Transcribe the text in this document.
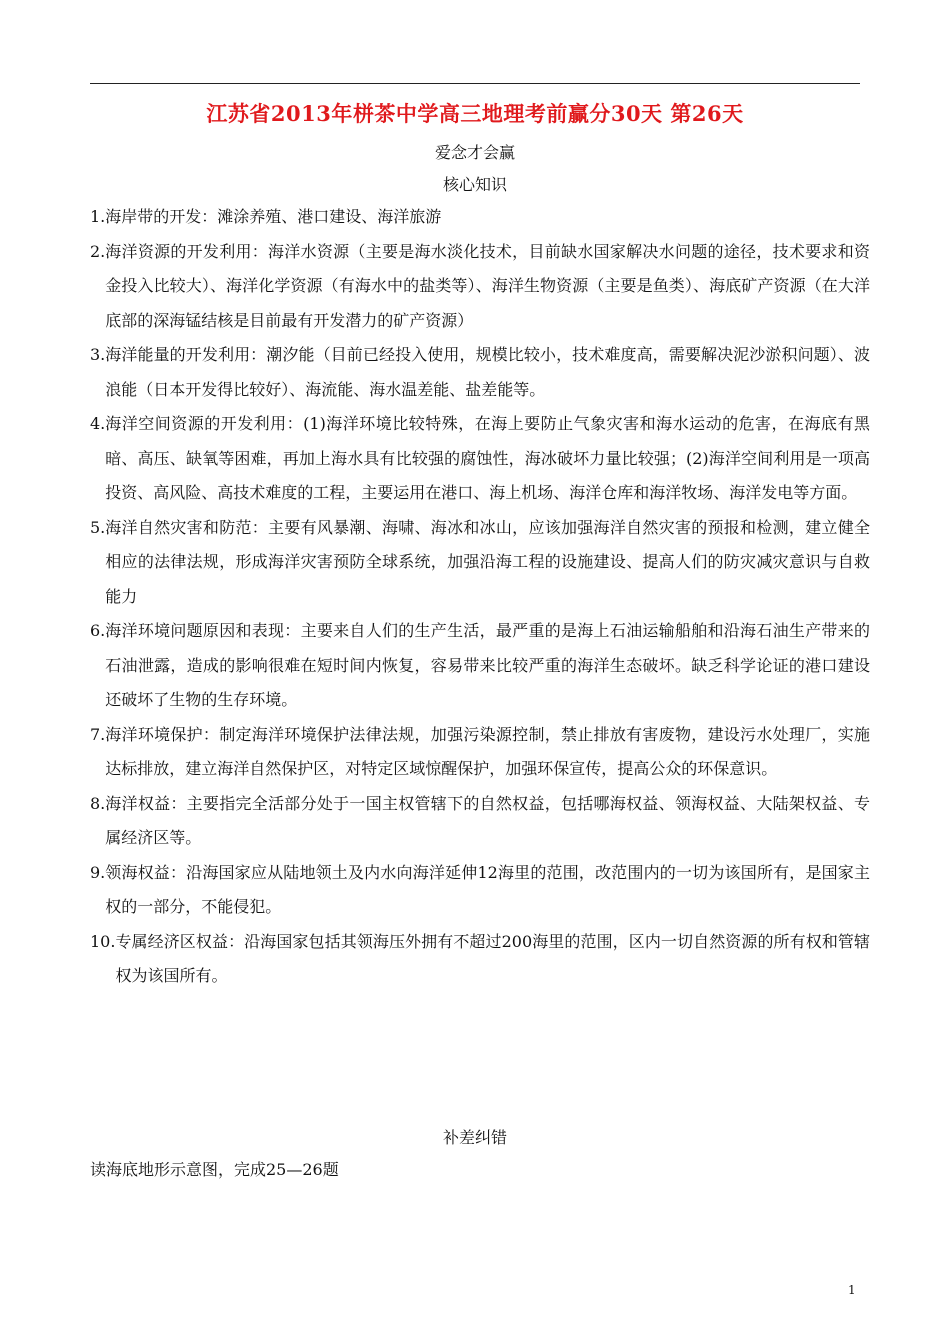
江苏省2013年栟茶中学高三地理考前赢分30天 第26天
爱念才会赢
核心知识
1. 海岸带的开发：滩涂养殖、港口建设、海洋旅游
2. 海洋资源的开发利用：海洋水资源（主要是海水淡化技术，目前缺水国家解决水问题的途径，技术要求和资金投入比较大）、海洋化学资源（有海水中的盐类等）、海洋生物资源（主要是鱼类）、海底矿产资源（在大洋底部的深海锰结核是目前最有开发潜力的矿产资源）
3. 海洋能量的开发利用：潮汐能（目前已经投入使用，规模比较小，技术难度高，需要解决泥沙淤积问题）、波浪能（日本开发得比较好）、海流能、海水温差能、盐差能等。
4. 海洋空间资源的开发利用：(1)海洋环境比较特殊，在海上要防止气象灾害和海水运动的危害，在海底有黑暗、高压、缺氧等困难，再加上海水具有比较强的腐蚀性，海冰破坏力量比较强；(2)海洋空间利用是一项高投资、高风险、高技术难度的工程，主要运用在港口、海上机场、海洋仓库和海洋牧场、海洋发电等方面。
5. 海洋自然灾害和防范：主要有风暴潮、海啸、海冰和冰山，应该加强海洋自然灾害的预报和检测，建立健全相应的法律法规，形成海洋灾害预防全球系统，加强沿海工程的设施建设、提高人们的防灾减灾意识与自救能力
6. 海洋环境问题原因和表现：主要来自人们的生产生活，最严重的是海上石油运输船舶和沿海石油生产带来的石油泄露，造成的影响很难在短时间内恢复，容易带来比较严重的海洋生态破坏。缺乏科学论证的港口建设还破坏了生物的生存环境。
7. 海洋环境保护：制定海洋环境保护法律法规，加强污染源控制，禁止排放有害废物，建设污水处理厂，实施达标排放，建立海洋自然保护区，对特定区域惊醒保护，加强环保宣传，提高公众的环保意识。
8. 海洋权益：主要指完全活部分处于一国主权管辖下的自然权益，包括哪海权益、领海权益、大陆架权益、专属经济区等。
9. 领海权益：沿海国家应从陆地领土及内水向海洋延伸12海里的范围，改范围内的一切为该国所有，是国家主权的一部分，不能侵犯。
10. 专属经济区权益：沿海国家包括其领海压外拥有不超过200海里的范围，区内一切自然资源的所有权和管辖权为该国所有。
补差纠错
读海底地形示意图，完成25—26题
1
